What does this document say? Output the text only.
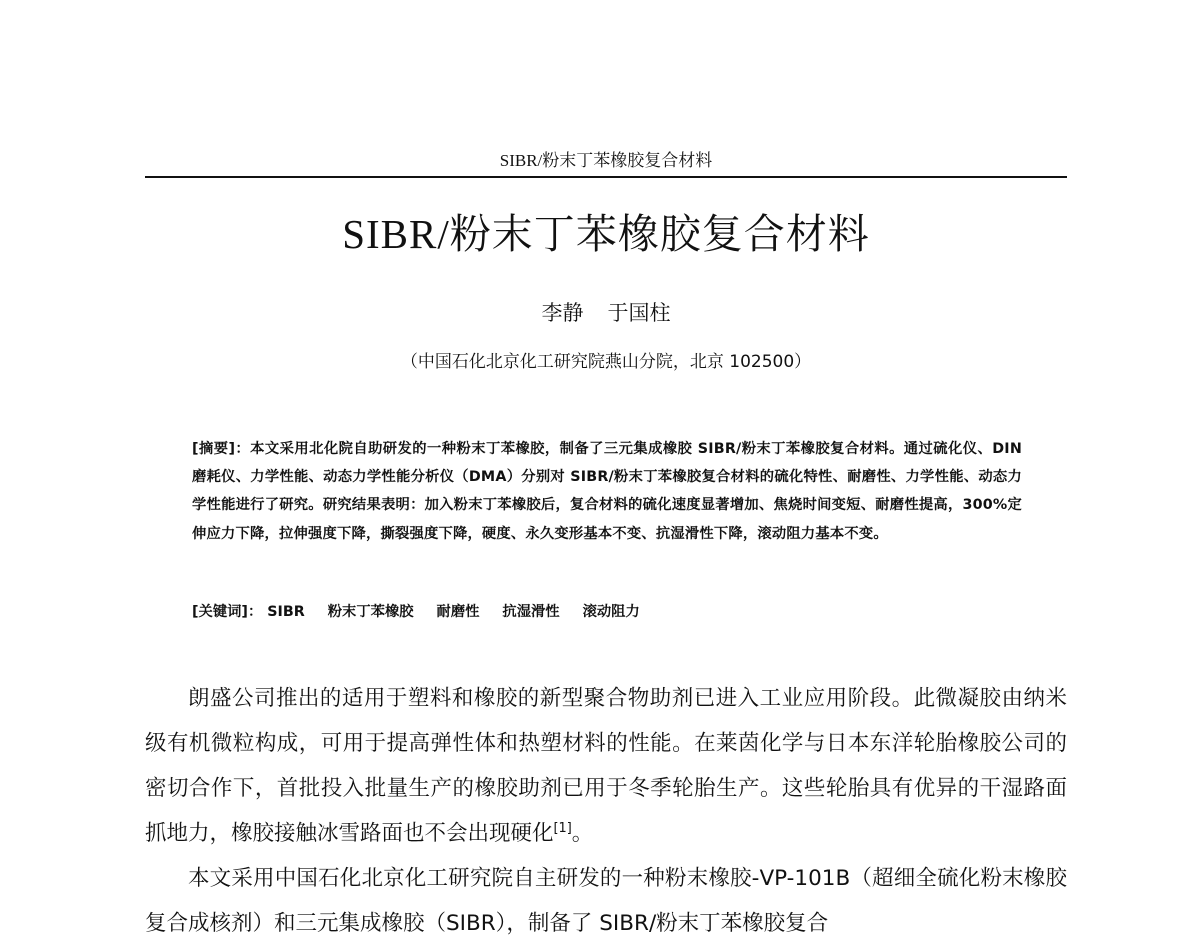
SIBR/粉末丁苯橡胶复合材料
SIBR/粉末丁苯橡胶复合材料
李静 于国柱
（中国石化北京化工研究院燕山分院，北京 102500）
[摘要]：本文采用北化院自助研发的一种粉末丁苯橡胶，制备了三元集成橡胶 SIBR/粉末丁苯橡胶复合材料。通过硫化仪、DIN 磨耗仪、力学性能、动态力学性能分析仪（DMA）分别对 SIBR/粉末丁苯橡胶复合材料的硫化特性、耐磨性、力学性能、动态力学性能进行了研究。研究结果表明：加入粉末丁苯橡胶后，复合材料的硫化速度显著增加、焦烧时间变短、耐磨性提高，300%定伸应力下降，拉伸强度下降，撕裂强度下降，硬度、永久变形基本不变、抗湿滑性下降，滚动阻力基本不变。
[关键词]： SIBR 粉末丁苯橡胶 耐磨性 抗湿滑性 滚动阻力

朗盛公司推出的适用于塑料和橡胶的新型聚合物助剂已进入工业应用阶段。此微凝胶由纳米级有机微粒构成，可用于提高弹性体和热塑材料的性能。在莱茵化学与日本东洋轮胎橡胶公司的密切合作下，首批投入批量生产的橡胶助剂已用于冬季轮胎生产。这些轮胎具有优异的干湿路面抓地力，橡胶接触冰雪路面也不会出现硬化[1]。

本文采用中国石化北京化工研究院自主研发的一种粉末橡胶-VP-101B（超细全硫化粉末橡胶复合成核剂）和三元集成橡胶（SIBR），制备了 SIBR/粉末丁苯橡胶复合
